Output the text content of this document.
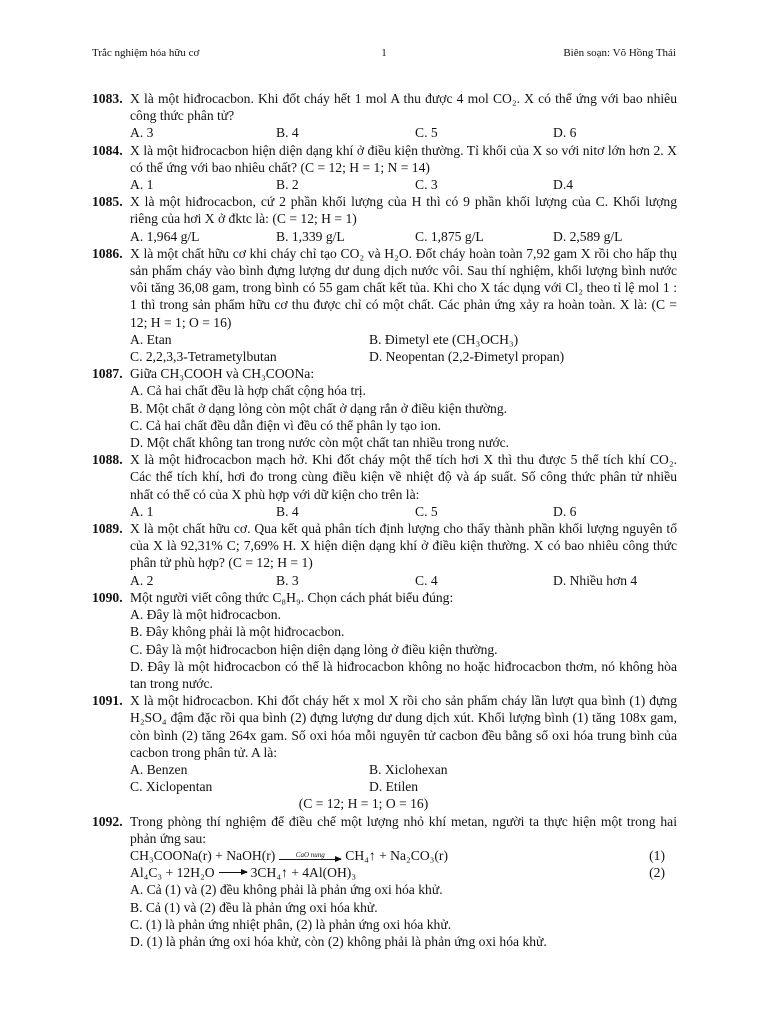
Trắc nghiệm hóa hữu cơ	1	Biên soạn: Võ Hồng Thái
1083. X là một hiđrocacbon. Khi đốt cháy hết 1 mol A thu được 4 mol CO₂. X có thể ứng với bao nhiêu công thức phân tử?
A. 3	B. 4	C. 5	D. 6
1084. X là một hiđrocacbon hiện diện dạng khí ở điều kiện thường. Tỉ khối của X so với nitơ lớn hơn 2. X có thể ứng với bao nhiêu chất? (C = 12; H = 1; N = 14)
A. 1	B. 2	C. 3	D.4
1085. X là một hiđrocacbon, cứ 2 phần khối lượng của H thì có 9 phần khối lượng của C. Khối lượng riêng của hơi X ở đktc là: (C = 12; H = 1)
A. 1,964 g/L	B. 1,339 g/L	C. 1,875 g/L	D. 2,589 g/L
1086. X là một chất hữu cơ khi cháy chỉ tạo CO₂ và H₂O. Đốt cháy hoàn toàn 7,92 gam X rồi cho hấp thụ sản phẩm cháy vào bình đựng lượng dư dung dịch nước vôi. Sau thí nghiệm, khối lượng bình nước vôi tăng 36,08 gam, trong bình có 55 gam chất kết tủa. Khi cho X tác dụng với Cl₂ theo tỉ lệ mol 1 : 1 thì trong sản phẩm hữu cơ thu được chỉ có một chất. Các phản ứng xảy ra hoàn toàn. X là: (C = 12; H = 1; O = 16)
A. Etan	B. Đimetyl ete (CH₃OCH₃)
C. 2,2,3,3-Tetrametylbutan	D. Neopentan (2,2-Đimetyl propan)
1087. Giữa CH₃COOH và CH₃COONa:
A. Cả hai chất đều là hợp chất cộng hóa trị.
B. Một chất ở dạng lỏng còn một chất ở dạng rắn ở điều kiện thường.
C. Cả hai chất đều dẫn điện vì đều có thể phân ly tạo ion.
D. Một chất không tan trong nước còn một chất tan nhiều trong nước.
1088. X là một hiđrocacbon mạch hở. Khi đốt cháy một thể tích hơi X thì thu được 5 thể tích khí CO₂. Các thể tích khí, hơi đo trong cùng điều kiện về nhiệt độ và áp suất. Số công thức phân tử nhiều nhất có thể có của X phù hợp với dữ kiện cho trên là:
A. 1	B. 4	C. 5	D. 6
1089. X là một chất hữu cơ. Qua kết quả phân tích định lượng cho thấy thành phần khối lượng nguyên tố của X là 92,31% C; 7,69% H. X hiện diện dạng khí ở điều kiện thường. X có bao nhiêu công thức phân tử phù hợp? (C = 12; H = 1)
A. 2	B. 3	C. 4	D. Nhiều hơn 4
1090. Một người viết công thức C₈H₉. Chọn cách phát biểu đúng:
A. Đây là một hiđrocacbon.
B. Đây không phải là một hiđrocacbon.
C. Đây là một hiđrocacbon hiện diện dạng lỏng ở điều kiện thường.
D. Đây là một hiđrocacbon có thể là hiđrocacbon không no hoặc hiđrocacbon thơm, nó không hòa tan trong nước.
1091. X là một hiđrocacbon. Khi đốt cháy hết x mol X rồi cho sản phẩm cháy lần lượt qua bình (1) đựng H₂SO₄ đậm đặc rồi qua bình (2) đựng lượng dư dung dịch xút. Khối lượng bình (1) tăng 108x gam, còn bình (2) tăng 264x gam. Số oxi hóa mỗi nguyên tử cacbon đều bằng số oxi hóa trung bình của cacbon trong phân tử. A là:
A. Benzen	B. Xiclohexan
C. Xiclopentan	D. Etilen
(C = 12; H = 1; O = 16)
1092. Trong phòng thí nghiệm để điều chế một lượng nhỏ khí metan, người ta thực hiện một trong hai phản ứng sau:
CH₃COONa(r) + NaOH(r)	CaO nung CH₄↑ + Na₂CO₃(r)	(1)
Al₄C₃ + 12H₂O → 3CH₄↑ + 4Al(OH)₃	(2)
A. Cả (1) và (2) đều không phải là phản ứng oxi hóa khử.
B. Cả (1) và (2) đều là phản ứng oxi hóa khử.
C. (1) là phản ứng nhiệt phân, (2) là phản ứng oxi hóa khử.
D. (1) là phản ứng oxi hóa khử, còn (2) không phải là phản ứng oxi hóa khử.
